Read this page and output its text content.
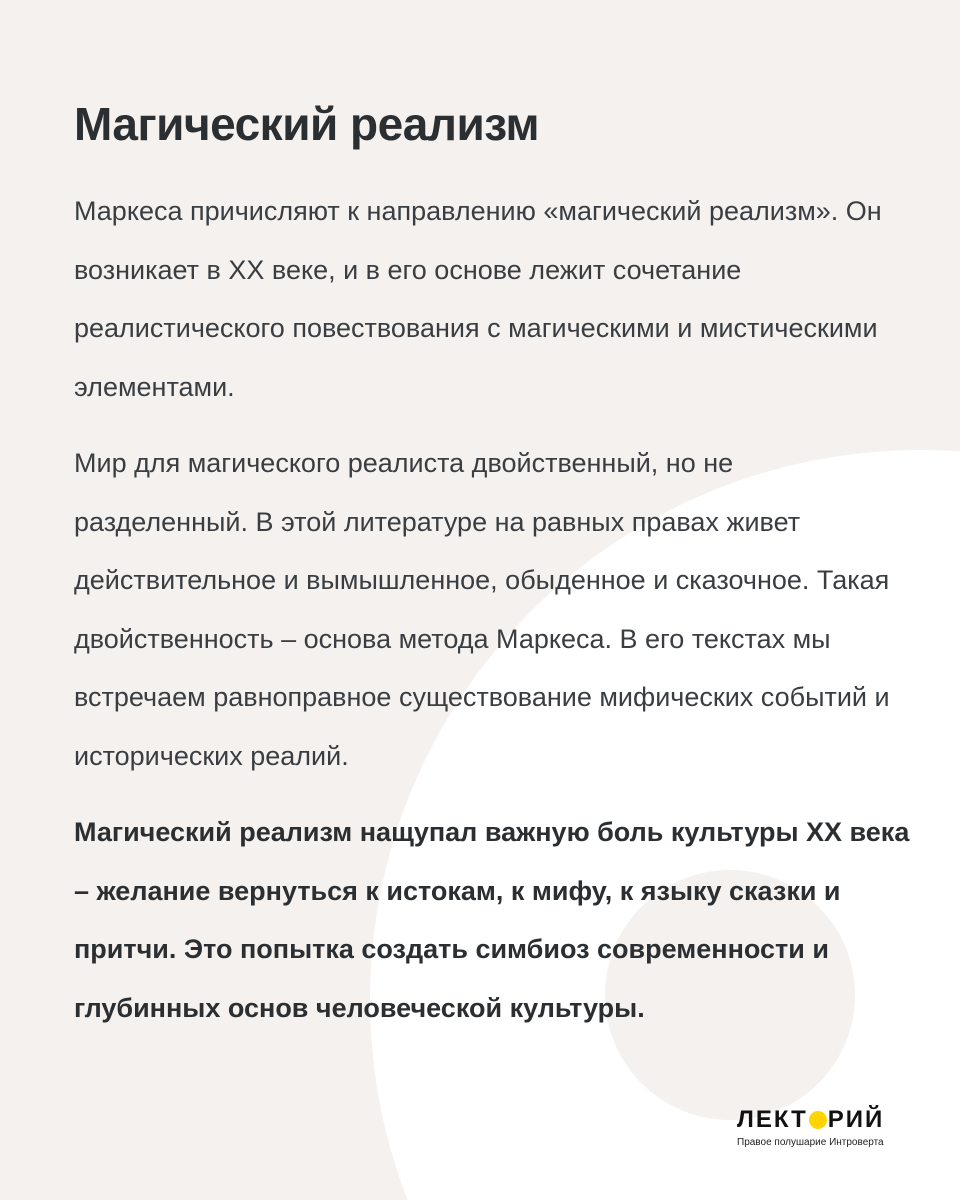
Магический реализм

Маркеса причисляют к направлению «магический реализм». Он возникает в XX веке, и в его основе лежит сочетание реалистического повествования с магическими и мистическими элементами.

Мир для магического реалиста двойственный, но не разделенный. В этой литературе на равных правах живет действительное и вымышленное, обыденное и сказочное. Такая двойственность – основа метода Маркеса. В его текстах мы встречаем равноправное существование мифических событий и исторических реалий.

Магический реализм нащупал важную боль культуры XX века – желание вернуться к истокам, к мифу, к языку сказки и притчи. Это попытка создать симбиоз современности и глубинных основ человеческой культуры.

ЛЕКТ РИЙ
Правое полушарие Интроверта
